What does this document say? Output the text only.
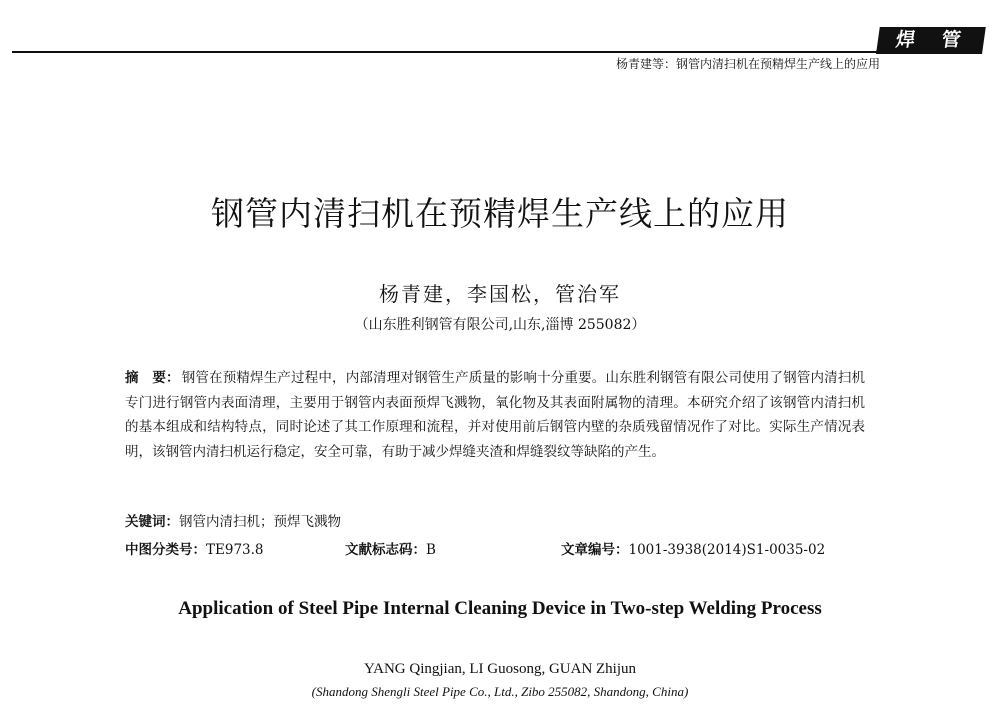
焊 管
杨青建等：钢管内清扫机在预精焊生产线上的应用
钢管内清扫机在预精焊生产线上的应用
杨青建，李国松，管治军
（山东胜利钢管有限公司,山东,淄博 255082）
摘　要： 钢管在预精焊生产过程中，内部清理对钢管生产质量的影响十分重要。山东胜利钢管有限公司使用了钢管内清扫机专门进行钢管内表面清理，主要用于钢管内表面预焊飞溅物，氧化物及其表面附属物的清理。本研究介绍了该钢管内清扫机的基本组成和结构特点，同时论述了其工作原理和流程，并对使用前后钢管内壁的杂质残留情况作了对比。实际生产情况表明，该钢管内清扫机运行稳定，安全可靠，有助于减少焊缝夹渣和焊缝裂纹等缺陷的产生。
关键词：钢管内清扫机；预焊飞溅物
中图分类号：TE973.8	文献标志码：B	文章编号：1001-3938(2014)S1-0035-02
Application of Steel Pipe Internal Cleaning Device in Two-step Welding Process
YANG Qingjian, LI Guosong, GUAN Zhijun
(Shandong Shengli Steel Pipe Co., Ltd., Zibo 255082, Shandong, China)
